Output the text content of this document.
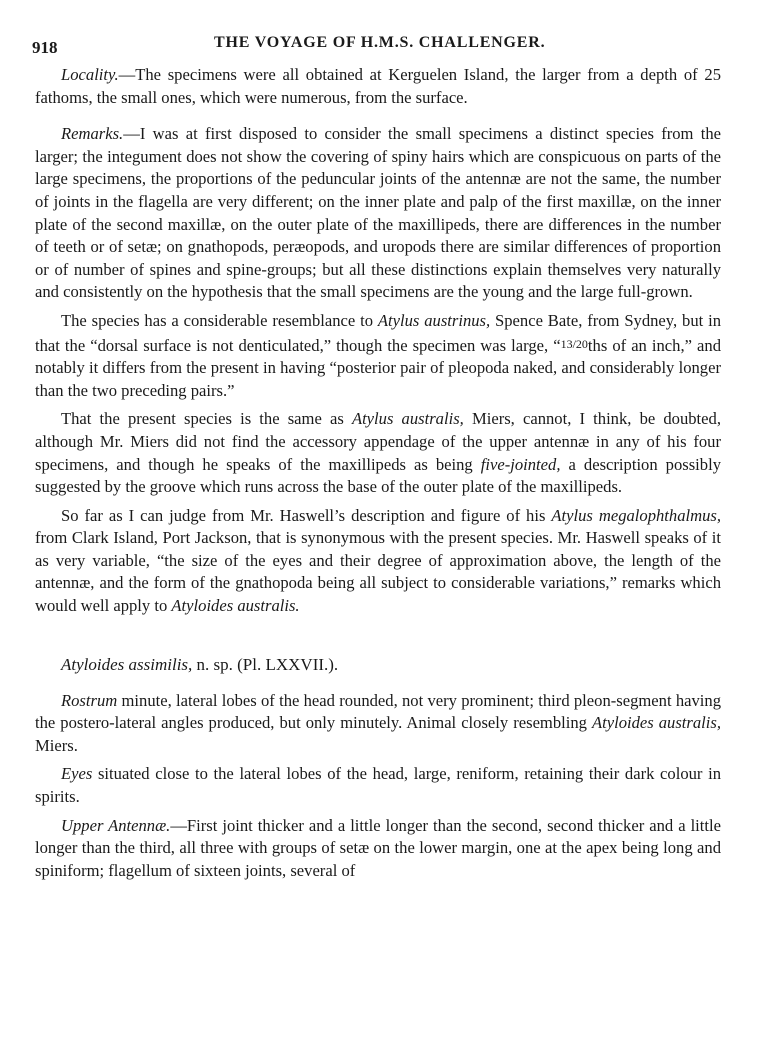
918	THE VOYAGE OF H.M.S. CHALLENGER.

Locality.—The specimens were all obtained at Kerguelen Island, the larger from a depth of 25 fathoms, the small ones, which were numerous, from the surface.

Remarks.—I was at first disposed to consider the small specimens a distinct species from the larger; the integument does not show the covering of spiny hairs which are conspicuous on parts of the large specimens, the proportions of the peduncular joints of the antennæ are not the same, the number of joints in the flagella are very different; on the inner plate and palp of the first maxillæ, on the inner plate of the second maxillæ, on the outer plate of the maxillipeds, there are differences in the number of teeth or of setæ; on gnathopods, peræopods, and uropods there are similar differences of proportion or of number of spines and spine-groups; but all these distinctions explain themselves very naturally and consistently on the hypothesis that the small specimens are the young and the large full-grown.

The species has a considerable resemblance to Atylus austrinus, Spence Bate, from Sydney, but in that the “dorsal surface is not denticulated,” though the specimen was large, “13/20ths of an inch,” and notably it differs from the present in having “posterior pair of pleopoda naked, and considerably longer than the two preceding pairs.”

That the present species is the same as Atylus australis, Miers, cannot, I think, be doubted, although Mr. Miers did not find the accessory appendage of the upper antennæ in any of his four specimens, and though he speaks of the maxillipeds as being five-jointed, a description possibly suggested by the groove which runs across the base of the outer plate of the maxillipeds.

So far as I can judge from Mr. Haswell’s description and figure of his Atylus megalophthalmus, from Clark Island, Port Jackson, that is synonymous with the present species. Mr. Haswell speaks of it as very variable, “the size of the eyes and their degree of approximation above, the length of the antennæ, and the form of the gnathopoda being all subject to considerable variations,” remarks which would well apply to Atyloides australis.

Atyloides assimilis, n. sp. (Pl. LXXVII.).

Rostrum minute, lateral lobes of the head rounded, not very prominent; third pleon-segment having the postero-lateral angles produced, but only minutely. Animal closely resembling Atyloides australis, Miers.

Eyes situated close to the lateral lobes of the head, large, reniform, retaining their dark colour in spirits.

Upper Antennæ.—First joint thicker and a little longer than the second, second thicker and a little longer than the third, all three with groups of setæ on the lower margin, one at the apex being long and spiniform; flagellum of sixteen joints, several of
